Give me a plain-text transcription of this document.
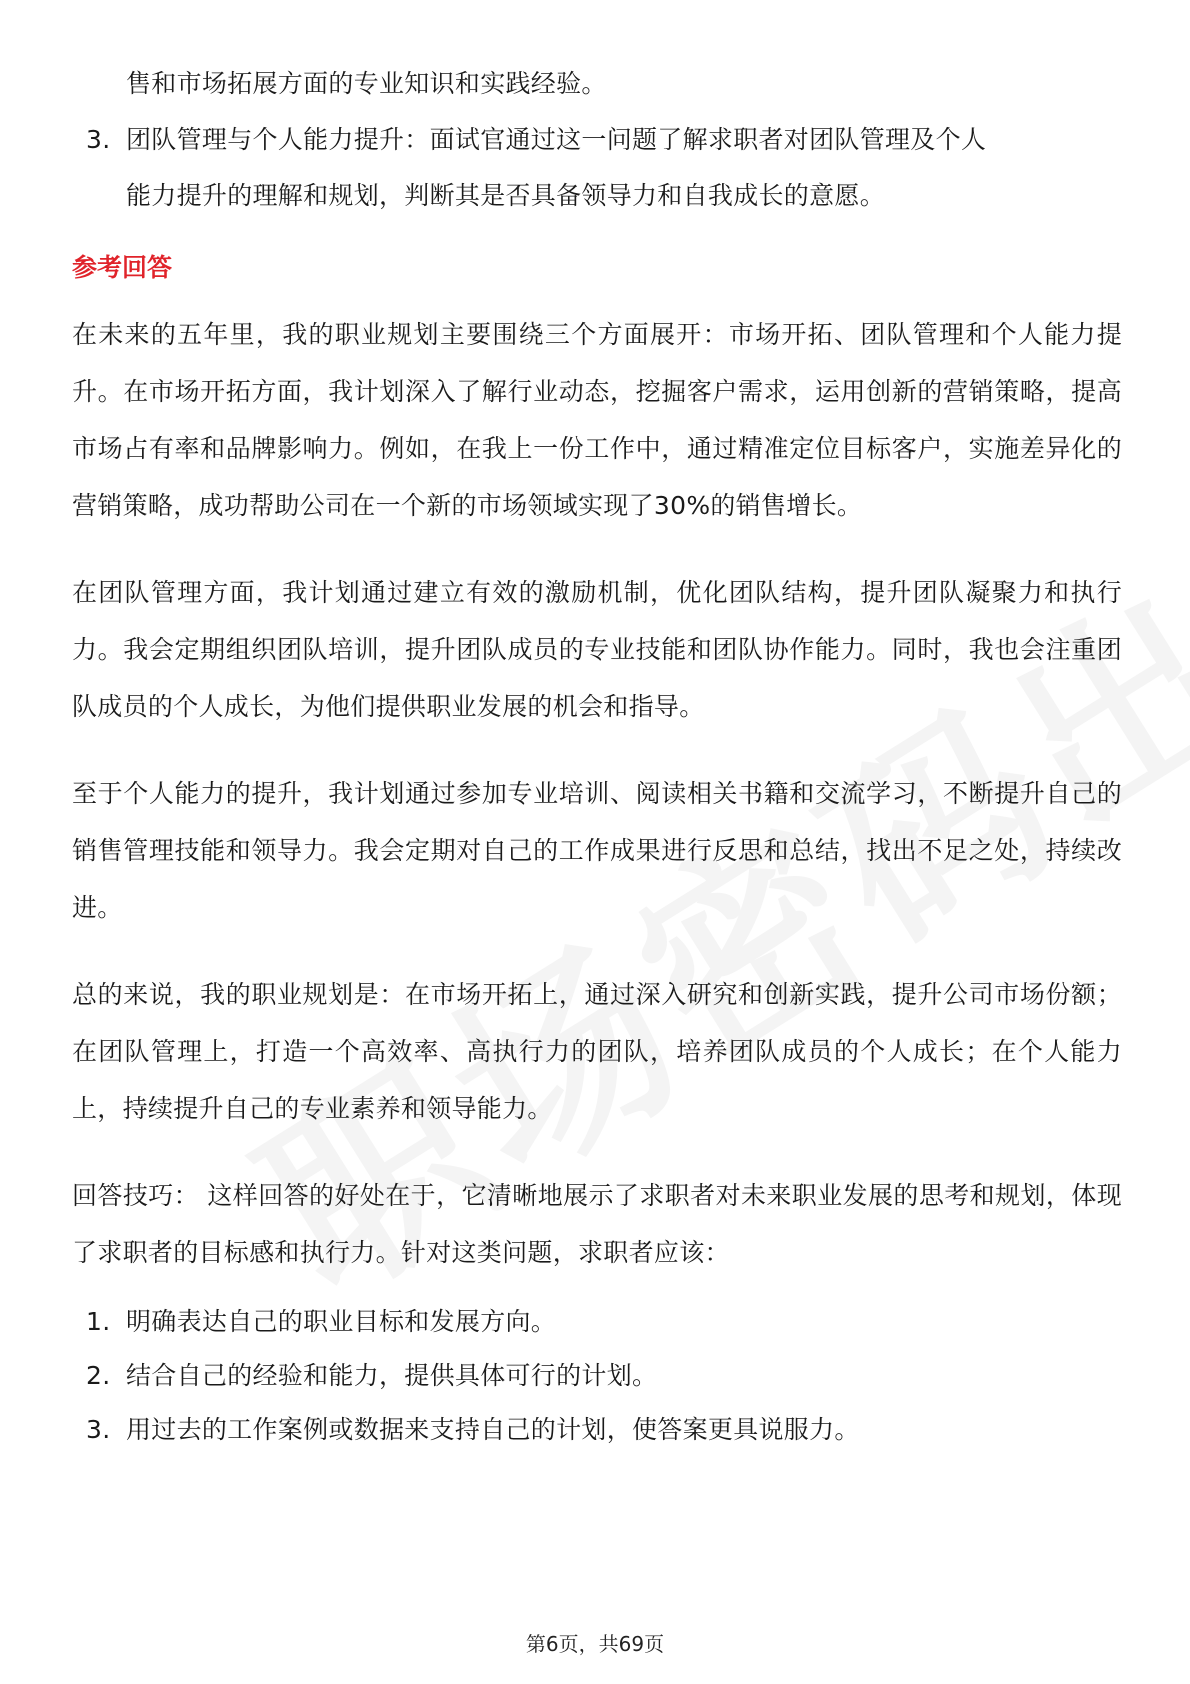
售和市场拓展方面的专业知识和实践经验。
3. 团队管理与个人能力提升：面试官通过这一问题了解求职者对团队管理及个人
能力提升的理解和规划，判断其是否具备领导力和自我成长的意愿。
参考回答

在未来的五年里，我的职业规划主要围绕三个方面展开：市场开拓、团队管理和个人能力提升。在市场开拓方面，我计划深入了解行业动态，挖掘客户需求，运用创新的营销策略，提高市场占有率和品牌影响力。例如，在我上一份工作中，通过精准定位目标客户，实施差异化的营销策略，成功帮助公司在一个新的市场领域实现了30%的销售增长。

在团队管理方面，我计划通过建立有效的激励机制，优化团队结构，提升团队凝聚力和执行力。我会定期组织团队培训，提升团队成员的专业技能和团队协作能力。同时，我也会注重团队成员的个人成长，为他们提供职业发展的机会和指导。

至于个人能力的提升，我计划通过参加专业培训、阅读相关书籍和交流学习，不断提升自己的销售管理技能和领导力。我会定期对自己的工作成果进行反思和总结，找出不足之处，持续改进。

总的来说，我的职业规划是：在市场开拓上，通过深入研究和创新实践，提升公司市场份额；在团队管理上，打造一个高效率、高执行力的团队，培养团队成员的个人成长；在个人能力上，持续提升自己的专业素养和领导能力。

回答技巧： 这样回答的好处在于，它清晰地展示了求职者对未来职业发展的思考和规划，体现了求职者的目标感和执行力。针对这类问题，求职者应该：

1. 明确表达自己的职业目标和发展方向。
2. 结合自己的经验和能力，提供具体可行的计划。
3. 用过去的工作案例或数据来支持自己的计划，使答案更具说服力。
第6页，共69页
